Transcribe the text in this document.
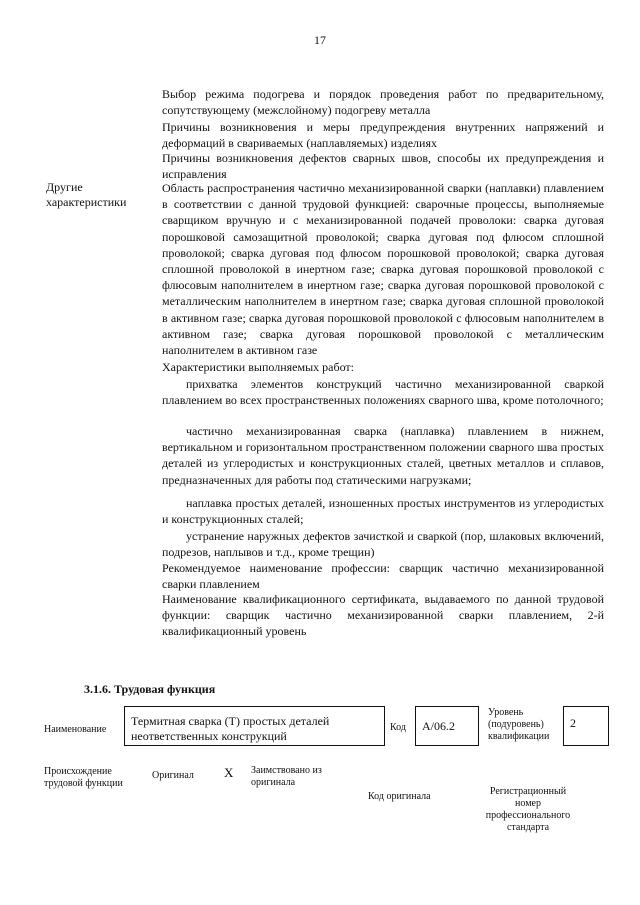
17
Выбор режима подогрева и порядок проведения работ по предварительному, сопутствующему (межслойному) подогреву металла
Причины возникновения и меры предупреждения внутренних напряжений и деформаций в свариваемых (наплавляемых) изделиях
Причины возникновения дефектов сварных швов, способы их предупреждения и исправления
Другие характеристики
Область распространения частично механизированной сварки (наплавки) плавлением в соответствии с данной трудовой функцией: сварочные процессы, выполняемые сварщиком вручную и с механизированной подачей проволоки: сварка дуговая порошковой самозащитной проволокой; сварка дуговая под флюсом сплошной проволокой; сварка дуговая под флюсом порошковой проволокой; сварка дуговая сплошной проволокой в инертном газе; сварка дуговая порошковой проволокой с флюсовым наполнителем в инертном газе; сварка дуговая порошковой проволокой с металлическим наполнителем в инертном газе; сварка дуговая сплошной проволокой в активном газе; сварка дуговая порошковой проволокой с флюсовым наполнителем в активном газе; сварка дуговая порошковой проволокой с металлическим наполнителем в активном газе
Характеристики выполняемых работ:
прихватка элементов конструкций частично механизированной сваркой плавлением во всех пространственных положениях сварного шва, кроме потолочного;
частично механизированная сварка (наплавка) плавлением в нижнем, вертикальном и горизонтальном пространственном положении сварного шва простых деталей из углеродистых и конструкционных сталей, цветных металлов и сплавов, предназначенных для работы под статическими нагрузками;
наплавка простых деталей, изношенных простых инструментов из углеродистых и конструкционных сталей;
устранение наружных дефектов зачисткой и сваркой (пор, шлаковых включений, подрезов, наплывов и т.д., кроме трещин)
Рекомендуемое наименование профессии: сварщик частично механизированной сварки плавлением
Наименование квалификационного сертификата, выдаваемого по данной трудовой функции: сварщик частично механизированной сварки плавлением, 2-й квалификационный уровень
3.1.6. Трудовая функция
Наименование
Термитная сварка (Т) простых деталей неответственных конструкций
Код	А/06.2
Уровень (подуровень) квалификации
2
Происхождение трудовой функции
Оригинал X Заимствовано из оригинала
Код оригинала	Регистрационный номер профессионального стандарта
